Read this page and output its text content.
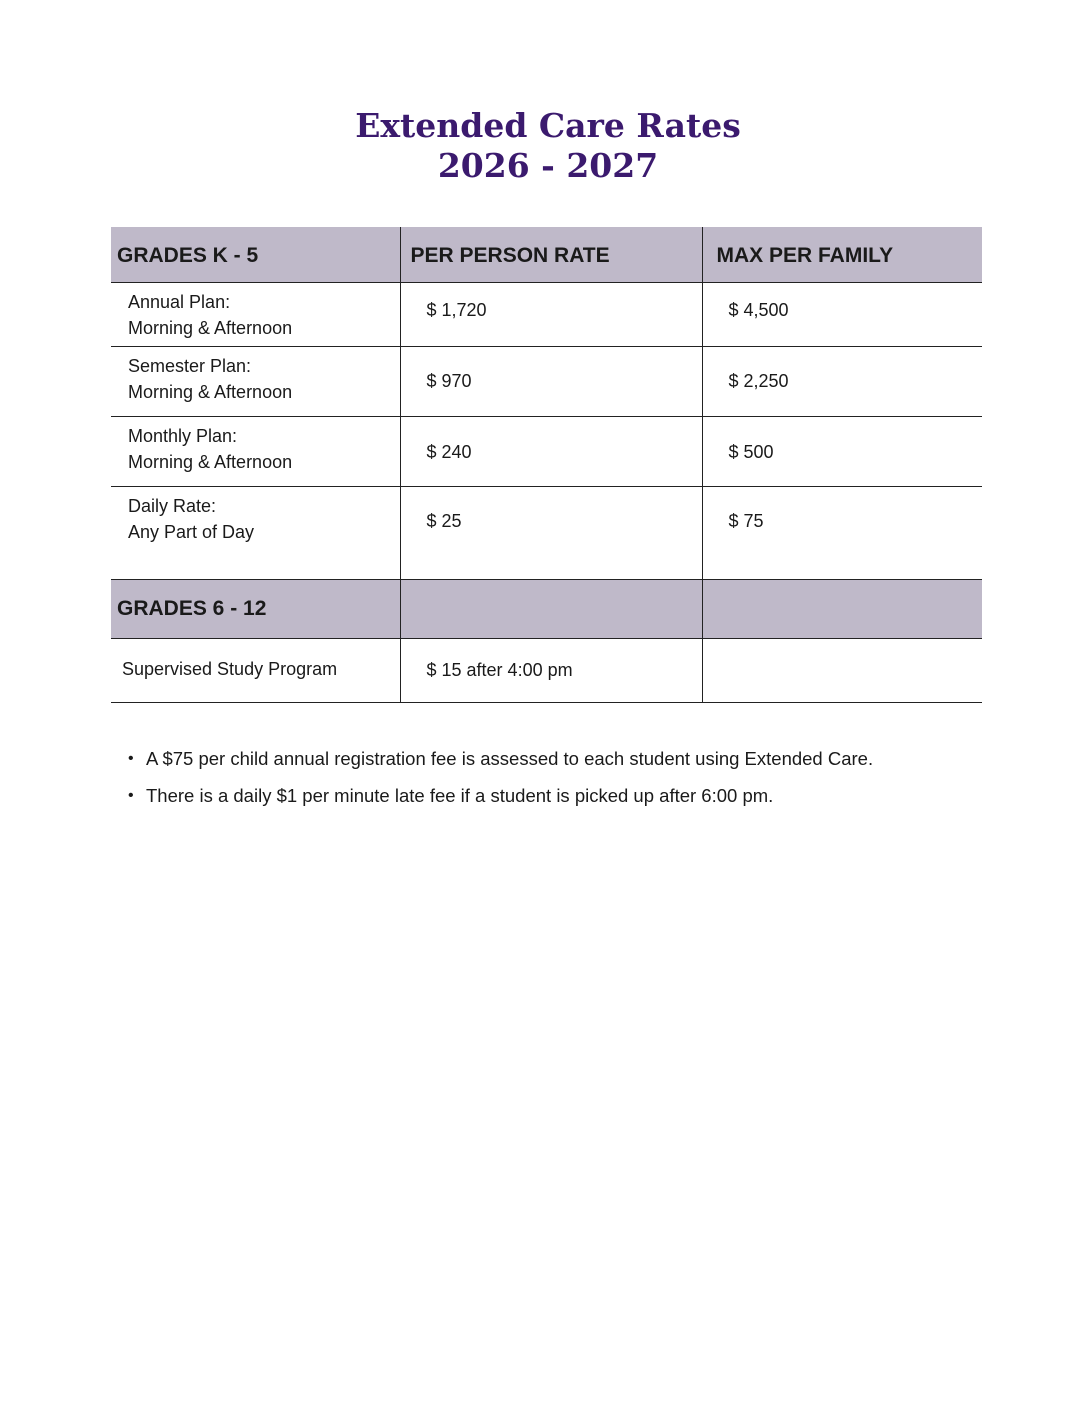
Extended Care Rates
2026 - 2027
GRADES K - 5	PER PERSON RATE	MAX PER FAMILY

Annual Plan:
Morning & Afternoon	$ 1,720	$ 4,500

Semester Plan:
Morning & Afternoon	$ 970	$ 2,250

Monthly Plan:
Morning & Afternoon	$ 240	$ 500

Daily Rate:
Any Part of Day	$ 25	$ 75
GRADES 6 - 12		
Supervised Study Program	$ 15 after 4:00 pm	
• A $75 per child annual registration fee is assessed to each student using Extended Care.
• There is a daily $1 per minute late fee if a student is picked up after 6:00 pm.
